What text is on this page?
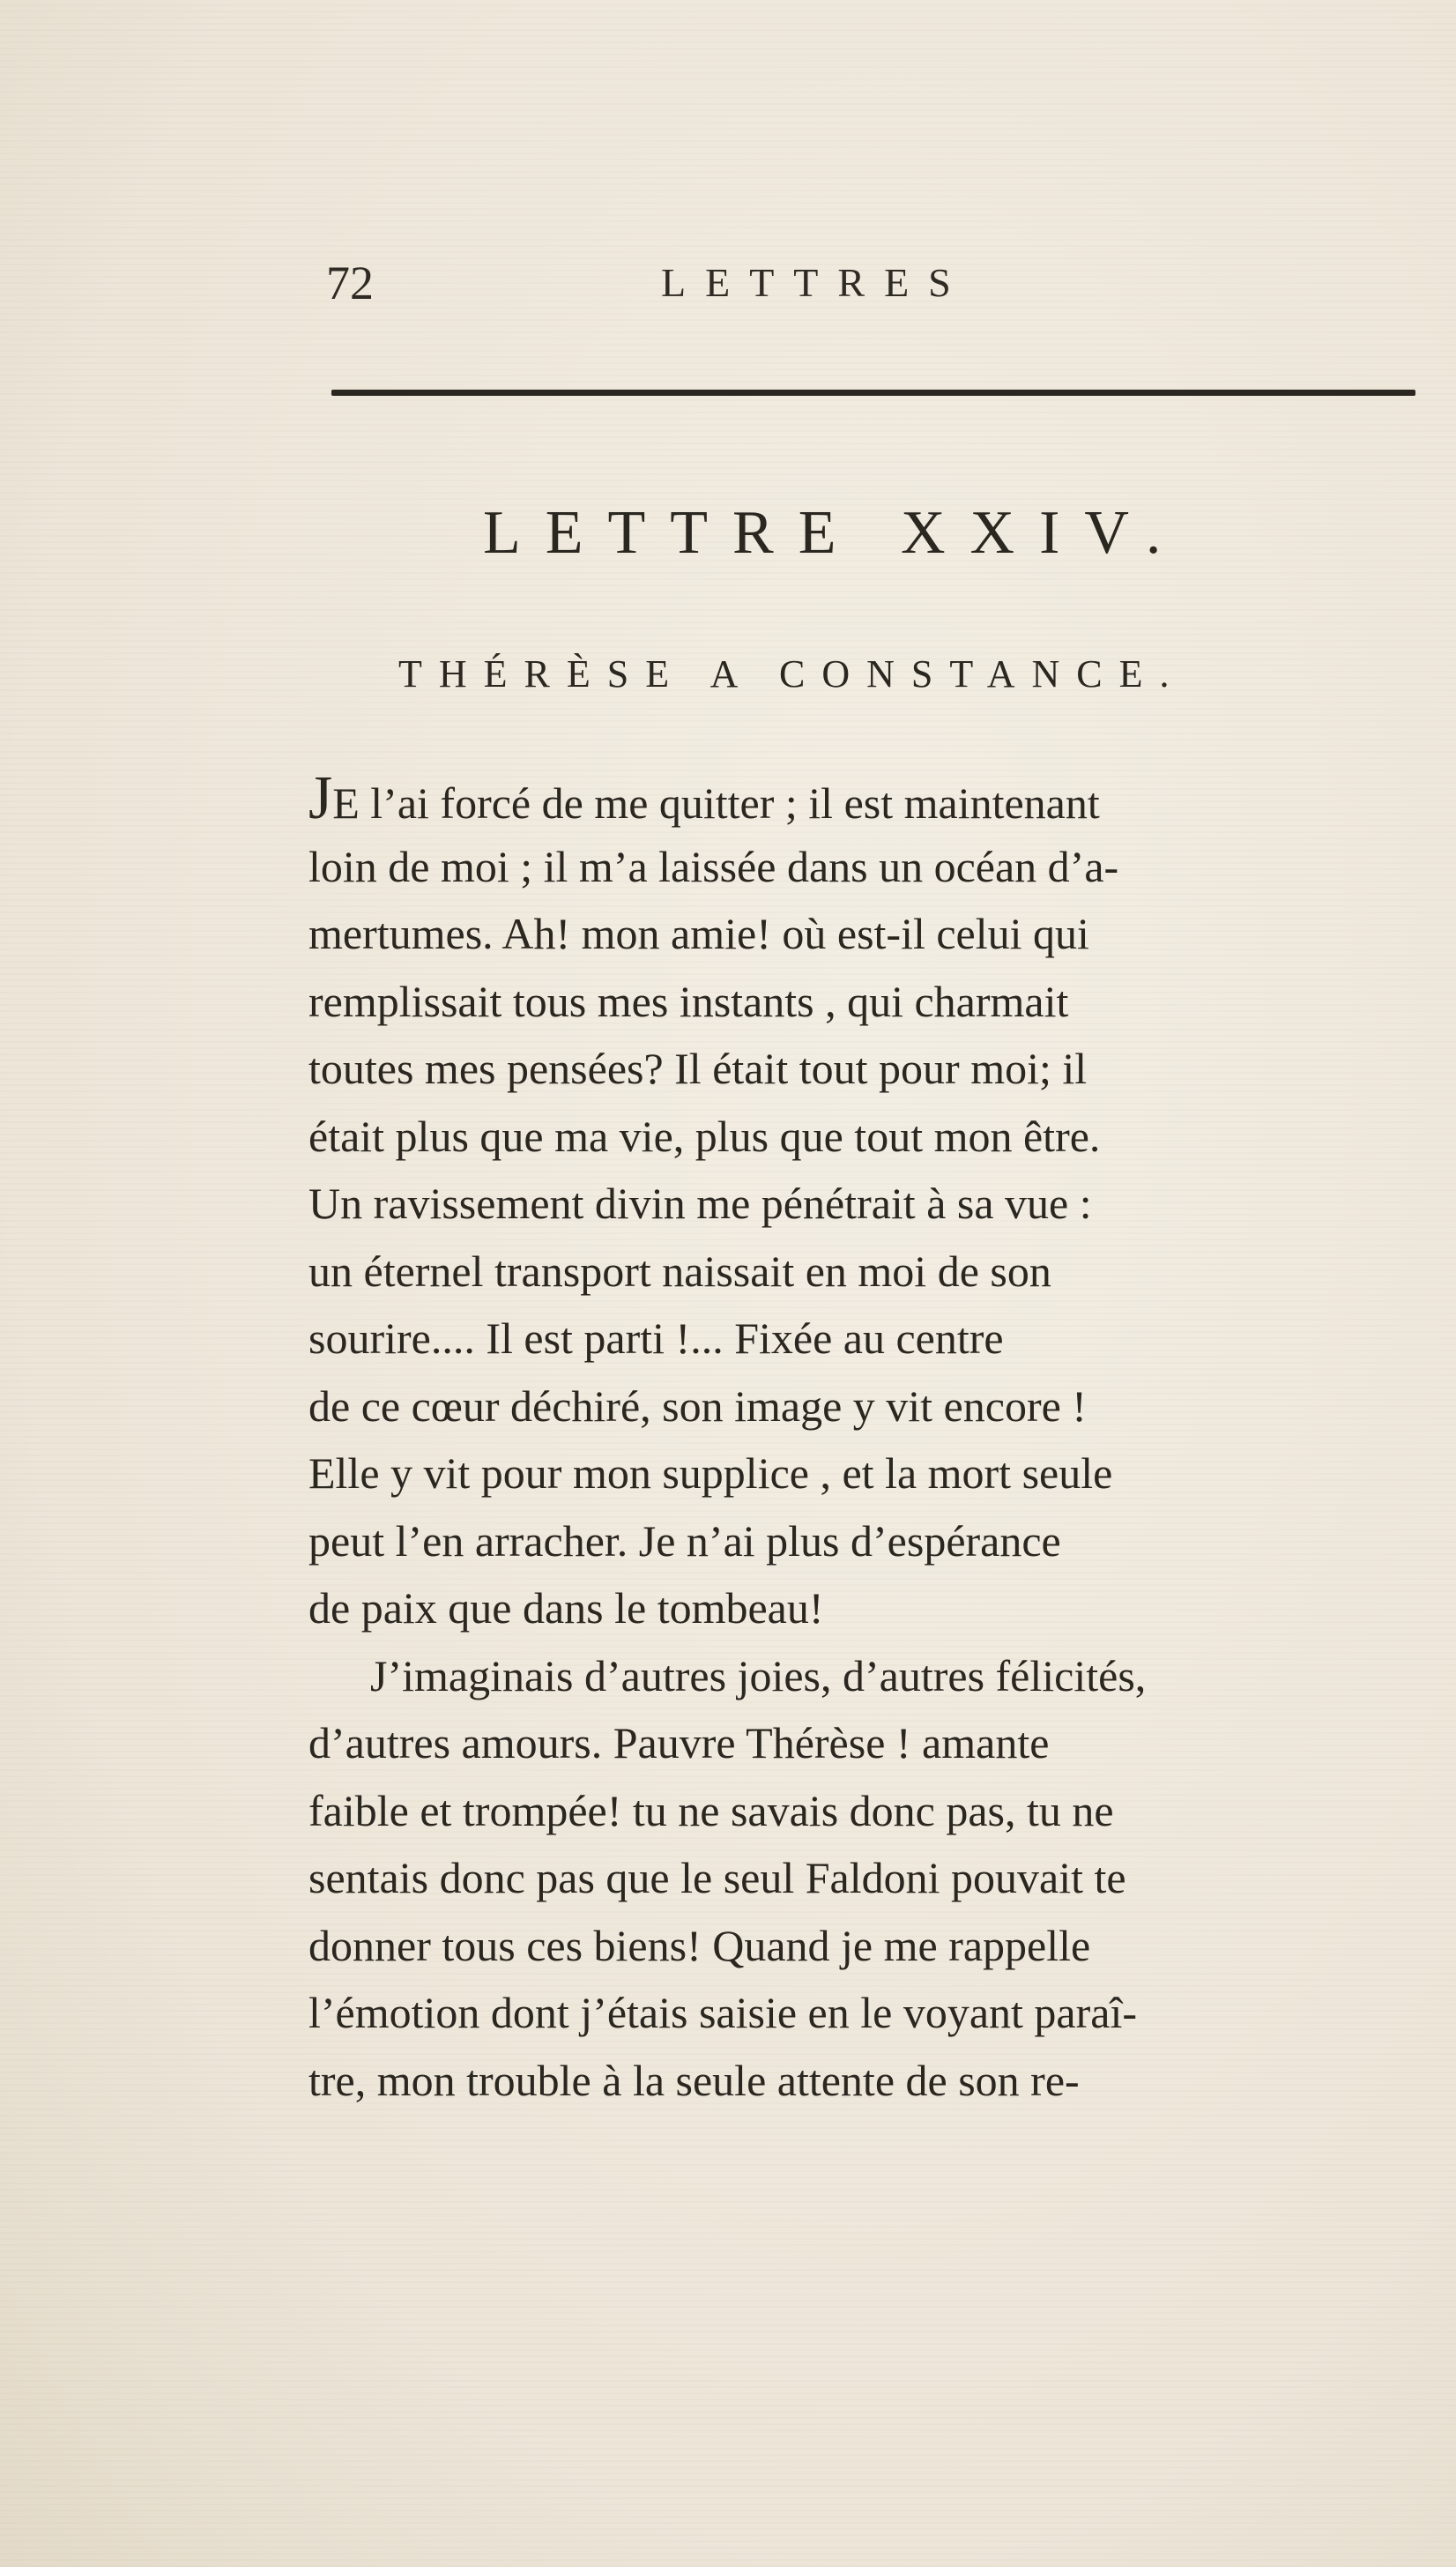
72	LETTRES
LETTRE XXIV.
THÉRÈSE A CONSTANCE.
JE l’ai forcé de me quitter ; il est maintenant
loin de moi ; il m’a laissée dans un océan d’a-
mertumes. Ah! mon amie! où est-il celui qui
remplissait tous mes instants , qui charmait
toutes mes pensées? Il était tout pour moi; il
était plus que ma vie, plus que tout mon être.
Un ravissement divin me pénétrait à sa vue :
un éternel transport naissait en moi de son
sourire.... Il est parti !... Fixée au centre
de ce cœur déchiré, son image y vit encore !
Elle y vit pour mon supplice , et la mort seule
peut l’en arracher. Je n’ai plus d’espérance
de paix que dans le tombeau!
J’imaginais d’autres joies, d’autres félicités,
d’autres amours. Pauvre Thérèse ! amante
faible et trompée! tu ne savais donc pas, tu ne
sentais donc pas que le seul Faldoni pouvait te
donner tous ces biens! Quand je me rappelle
l’émotion dont j’étais saisie en le voyant paraî-
tre, mon trouble à la seule attente de son re-
